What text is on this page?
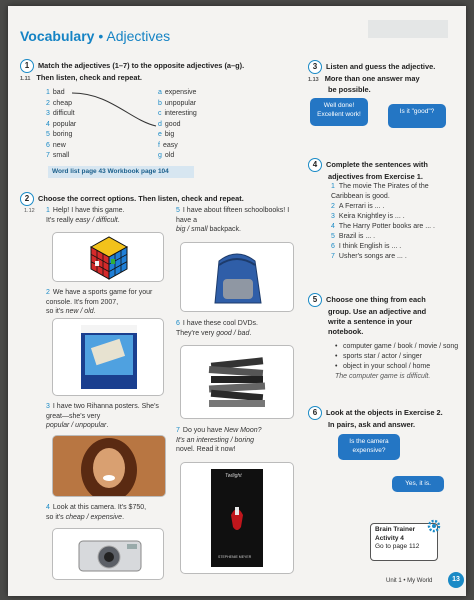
Vocabulary • Adjectives
1 Match the adjectives (1–7) to the opposite adjectives (a–g).
1.11 Then listen, check and repeat.
1 bad
2 cheap
3 difficult
4 popular
5 boring
6 new
7 small
a expensive
b unpopular
c interesting
d good
e big
f easy
g old
Word list page 43 Workbook page 104
2 Choose the correct options. Then listen, check and repeat.
1.12 1 Help! I have this game.
It's really easy / difficult.
2 We have a sports game for your console. It's from 2007,
so it's new / old.
3 I have two Rihanna posters. She's great—she's very
popular / unpopular.
4 Look at this camera. It's $750,
so it's cheap / expensive.
5 I have about fifteen schoolbooks! I have a
big / small backpack.
6 I have these cool DVDs.
They're very good / bad.
7 Do you have New Moon?
It's an interesting / boring
novel. Read it now!
Twilight
STEPHENIE MEYER
3 Listen and guess the adjective.
1.13 More than one answer may
be possible.
Well done! Excellent work!	Is it "good"?
4 Complete the sentences with
adjectives from Exercise 1.
1 The movie The Pirates of the Caribbean is good.
2 A Ferrari is ... .
3 Keira Knightley is ... .
4 The Harry Potter books are ... .
5 Brazil is ... .
6 I think English is ... .
7 Usher's songs are ... .
5 Choose one thing from each
group. Use an adjective and
write a sentence in your
notebook.
• computer game / book / movie / song
• sports star / actor / singer
• object in your school / home
The computer game is difficult.
6 Look at the objects in Exercise 2.
In pairs, ask and answer.
Is the camera expensive?
Yes, it is.
Brain Trainer
Activity 4
Go to page 112
Unit 1 • My World	13
